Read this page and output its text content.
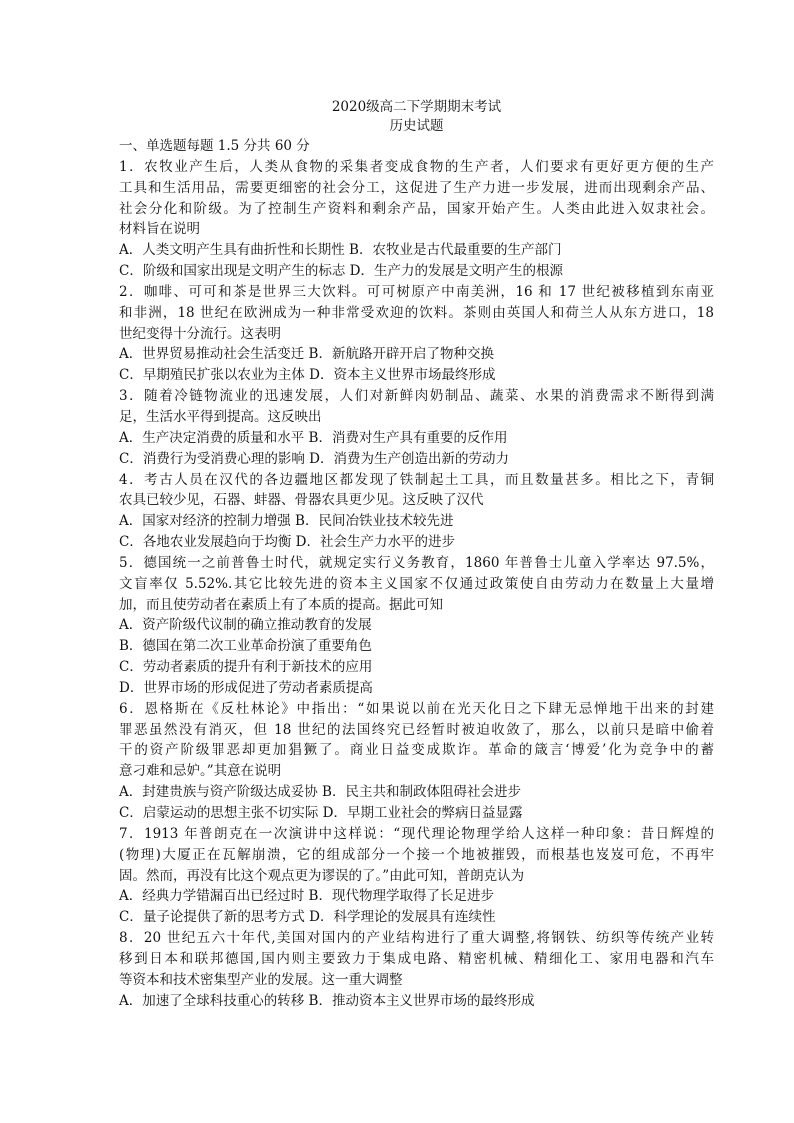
2020级高二下学期期末考试
历史试题

一、单选题每题 1.5 分共 60 分

1．农牧业产生后，人类从食物的采集者变成食物的生产者，人们要求有更好更方便的生产

工具和生活用品，需要更细密的社会分工，这促进了生产力进一步发展，进而出现剩余产品、

社会分化和阶级。为了控制生产资料和剩余产品，国家开始产生。人类由此进入奴隶社会。

材料旨在说明

A．人类文明产生具有曲折性和长期性 B．农牧业是古代最重要的生产部门

C．阶级和国家出现是文明产生的标志 D．生产力的发展是文明产生的根源

2．咖啡、可可和茶是世界三大饮料。可可树原产中南美洲，16 和 17 世纪被移植到东南亚

和非洲，18 世纪在欧洲成为一种非常受欢迎的饮料。茶则由英国人和荷兰人从东方进口，18

世纪变得十分流行。这表明

A．世界贸易推动社会生活变迁 B．新航路开辟开启了物种交换

C．早期殖民扩张以农业为主体 D．资本主义世界市场最终形成

3．随着冷链物流业的迅速发展，人们对新鲜肉奶制品、蔬菜、水果的消费需求不断得到满

足，生活水平得到提高。这反映出

A．生产决定消费的质量和水平 B．消费对生产具有重要的反作用

C．消费行为受消费心理的影响 D．消费为生产创造出新的劳动力

4．考古人员在汉代的各边疆地区都发现了铁制起土工具，而且数量甚多。相比之下，青铜

农具已较少见，石器、蚌器、骨器农具更少见。这反映了汉代

A．国家对经济的控制力增强 B．民间冶铁业技术较先进

C．各地农业发展趋向于均衡 D．社会生产力水平的进步

5．德国统一之前普鲁士时代，就规定实行义务教育，1860 年普鲁士儿童入学率达 97.5%，

文盲率仅 5.52%.其它比较先进的资本主义国家不仅通过政策使自由劳动力在数量上大量增

加，而且使劳动者在素质上有了本质的提高。据此可知

A．资产阶级代议制的确立推动教育的发展

B．德国在第二次工业革命扮演了重要角色

C．劳动者素质的提升有利于新技术的应用

D．世界市场的形成促进了劳动者素质提高

6．恩格斯在《反杜林论》中指出：“如果说以前在光天化日之下肆无忌惮地干出来的封建

罪恶虽然没有消灭，但 18 世纪的法国终究已经暂时被迫收敛了，那么，以前只是暗中偷着

干的资产阶级罪恶却更加猖獗了。商业日益变成欺诈。革命的箴言‘博爱’化为竞争中的蓄

意刁难和忌妒。”其意在说明

A．封建贵族与资产阶级达成妥协 B．民主共和制政体阻碍社会进步

C．启蒙运动的思想主张不切实际 D．早期工业社会的弊病日益显露

7．1913 年普朗克在一次演讲中这样说：“现代理论物理学给人这样一种印象：昔日辉煌的

(物理)大厦正在瓦解崩溃，它的组成部分一个接一个地被摧毁，而根基也岌岌可危，不再牢

固。然而，再没有比这个观点更为谬误的了。”由此可知，普朗克认为

A．经典力学错漏百出已经过时 B．现代物理学取得了长足进步

C．量子论提供了新的思考方式 D．科学理论的发展具有连续性

8．20 世纪五六十年代,美国对国内的产业结构进行了重大调整,将钢铁、纺织等传统产业转

移到日本和联邦德国,国内则主要致力于集成电路、精密机械、精细化工、家用电器和汽车

等资本和技术密集型产业的发展。这一重大调整

A．加速了全球科技重心的转移 B．推动资本主义世界市场的最终形成
